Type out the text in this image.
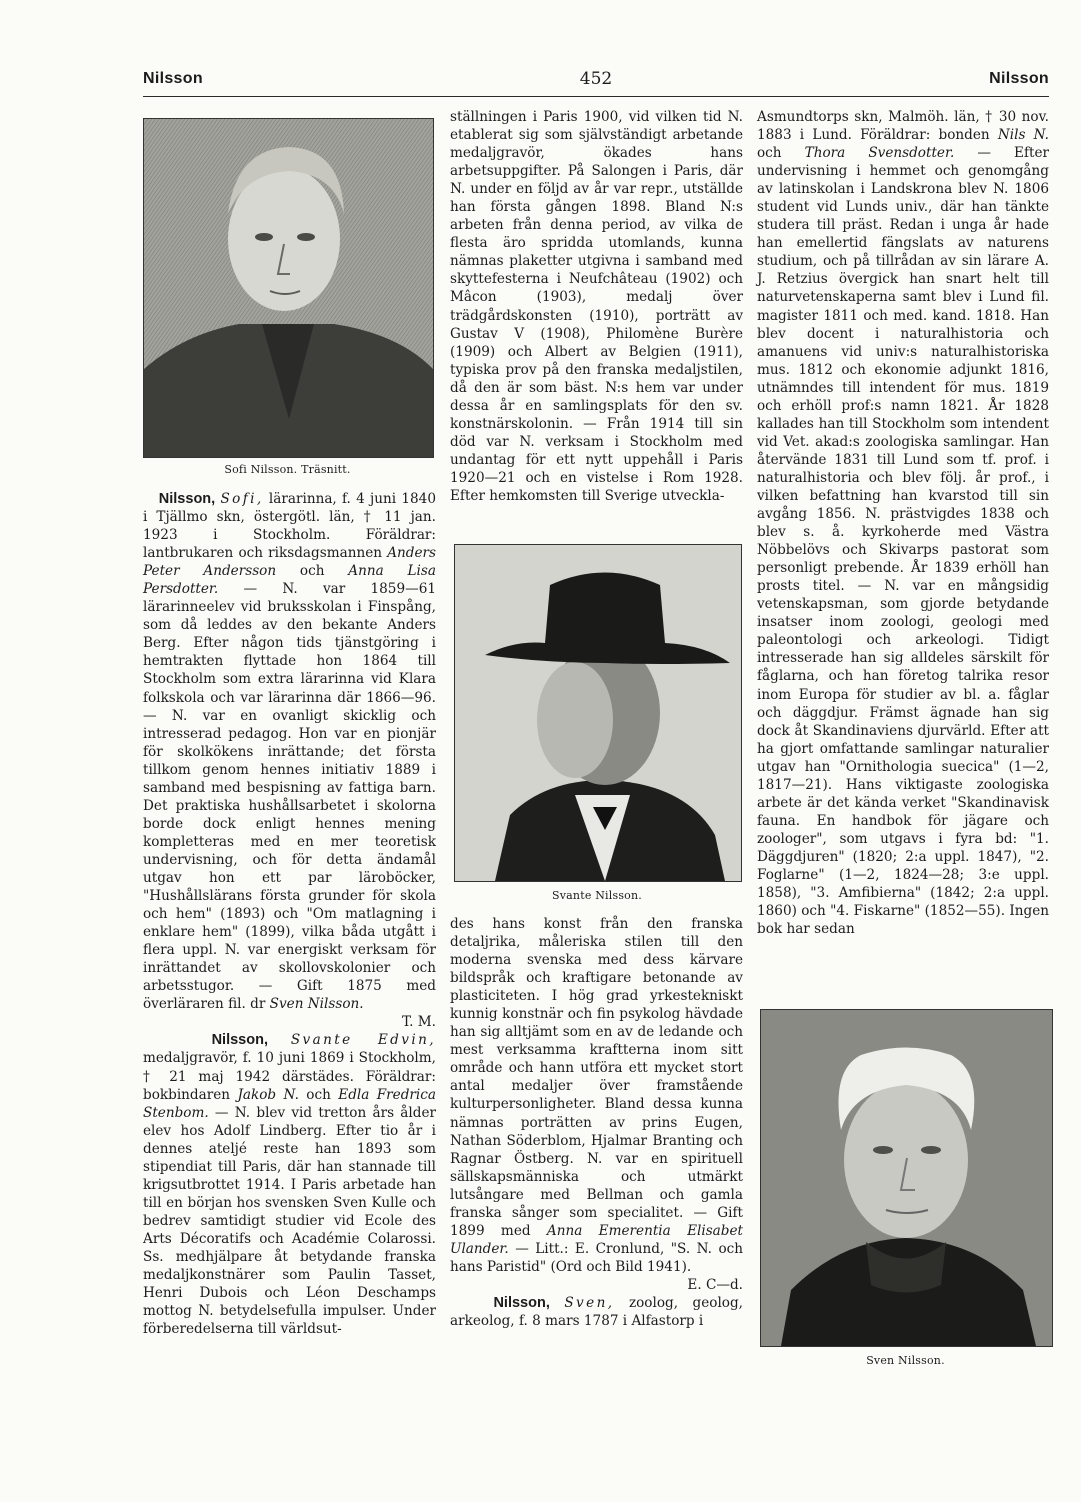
Nilsson	452	Nilsson
Sofi Nilsson. Träsnitt.

Nilsson, Sofi, lärarinna, f. 4 juni 1840 i Tjällmo skn, östergötl. län, † 11 jan. 1923 i Stockholm. Föräldrar: lantbrukaren och riksdagsmannen Anders Peter Andersson och Anna Lisa Persdotter. — N. var 1859—61 lärarinneelev vid bruksskolan i Finspång, som då leddes av den bekante Anders Berg. Efter någon tids tjänstgöring i hemtrakten flyttade hon 1864 till Stockholm som extra lärarinna vid Klara folkskola och var lärarinna där 1866—96. — N. var en ovanligt skicklig och intresserad pedagog. Hon var en pionjär för skolkökens inrättande; det första tillkom genom hennes initiativ 1889 i samband med bespisning av fattiga barn. Det praktiska hushållsarbetet i skolorna borde dock enligt hennes mening kompletteras med en mer teoretisk undervisning, och för detta ändamål utgav hon ett par läroböcker, "Hushållslärans första grunder för skola och hem" (1893) och "Om matlagning i enklare hem" (1899), vilka båda utgått i flera uppl. N. var energiskt verksam för inrättandet av skollovskolonier och arbetsstugor. — Gift 1875 med överläraren fil. dr Sven Nilsson.

T. M.

Nilsson, Svante Edvin, medaljgravör, f. 10 juni 1869 i Stockholm, † 21 maj 1942 därstädes. Föräldrar: bokbindaren Jakob N. och Edla Fredrica Stenbom. — N. blev vid tretton års ålder elev hos Adolf Lindberg. Efter tio år i dennes ateljé reste han 1893 som stipendiat till Paris, där han stannade till krigsutbrottet 1914. I Paris arbetade han till en början hos svensken Sven Kulle och bedrev samtidigt studier vid Ecole des Arts Décoratifs och Académie Colarossi. Ss. medhjälpare åt betydande franska medaljkonstnärer som Paulin Tasset, Henri Dubois och Léon Deschamps mottog N. betydelsefulla impulser. Under förberedelserna till världsut-

ställningen i Paris 1900, vid vilken tid N. etablerat sig som självständigt arbetande medaljgravör, ökades hans arbetsuppgifter. På Salongen i Paris, där N. under en följd av år var repr., utställde han första gången 1898. Bland N:s arbeten från denna period, av vilka de flesta äro spridda utomlands, kunna nämnas plaketter utgivna i samband med skyttefesterna i Neufchâteau (1902) och Mâcon (1903), medalj över trädgårdskonsten (1910), porträtt av Gustav V (1908), Philomène Burère (1909) och Albert av Belgien (1911), typiska prov på den franska medaljstilen, då den är som bäst. N:s hem var under dessa år en samlingsplats för den sv. konstnärskolonin. — Från 1914 till sin död var N. verksam i Stockholm med undantag för ett nytt uppehåll i Paris 1920—21 och en vistelse i Rom 1928. Efter hemkomsten till Sverige utveckla-

Svante Nilsson.

des hans konst från den franska detaljrika, måleriska stilen till den moderna svenska med dess kärvare bildspråk och kraftigare betonande av plasticiteten. I hög grad yrkestekniskt kunnig konstnär och fin psykolog hävdade han sig alltjämt som en av de ledande och mest verksamma kraftterna inom sitt område och hann utföra ett mycket stort antal medaljer över framstående kulturpersonligheter. Bland dessa kunna nämnas porträtten av prins Eugen, Nathan Söderblom, Hjalmar Branting och Ragnar Östberg. N. var en spirituell sällskapsmänniska och utmärkt lutsångare med Bellman och gamla franska sånger som specialitet. — Gift 1899 med Anna Emerentia Elisabet Ulander. — Litt.: E. Cronlund, "S. N. och hans Paristid" (Ord och Bild 1941).

E. C—d.

Nilsson, Sven, zoolog, geolog, arkeolog, f. 8 mars 1787 i Alfastorp i

Asmundtorps skn, Malmöh. län, † 30 nov. 1883 i Lund. Föräldrar: bonden Nils N. och Thora Svensdotter. — Efter undervisning i hemmet och genomgång av latinskolan i Landskrona blev N. 1806 student vid Lunds univ., där han tänkte studera till präst. Redan i unga år hade han emellertid fängslats av naturens studium, och på tillrådan av sin lärare A. J. Retzius övergick han snart helt till naturvetenskaperna samt blev i Lund fil. magister 1811 och med. kand. 1818. Han blev docent i naturalhistoria och amanuens vid univ:s naturalhistoriska mus. 1812 och ekonomie adjunkt 1816, utnämndes till intendent för mus. 1819 och erhöll prof:s namn 1821. År 1828 kallades han till Stockholm som intendent vid Vet. akad:s zoologiska samlingar. Han återvände 1831 till Lund som tf. prof. i naturalhistoria och blev följ. år prof., i vilken befattning han kvarstod till sin avgång 1856. N. prästvigdes 1838 och blev s. å. kyrkoherde med Västra Nöbbelövs och Skivarps pastorat som personligt prebende. År 1839 erhöll han prosts titel. — N. var en mångsidig vetenskapsman, som gjorde betydande insatser inom zoologi, geologi med paleontologi och arkeologi. Tidigt intresserade han sig alldeles särskilt för fåglarna, och han företog talrika resor inom Europa för studier av bl. a. fåglar och däggdjur. Främst ägnade han sig dock åt Skandinaviens djurvärld. Efter att ha gjort omfattande samlingar naturalier utgav han "Ornithologia suecica" (1—2, 1817—21). Hans viktigaste zoologiska arbete är det kända verket "Skandinavisk fauna. En handbok för jägare och zoologer", som utgavs i fyra bd: "1. Däggdjuren" (1820; 2:a uppl. 1847), "2. Foglarne" (1—2, 1824—28; 3:e uppl. 1858), "3. Amfibierna" (1842; 2:a uppl. 1860) och "4. Fiskarne" (1852—55). Ingen bok har sedan

Sven Nilsson.
